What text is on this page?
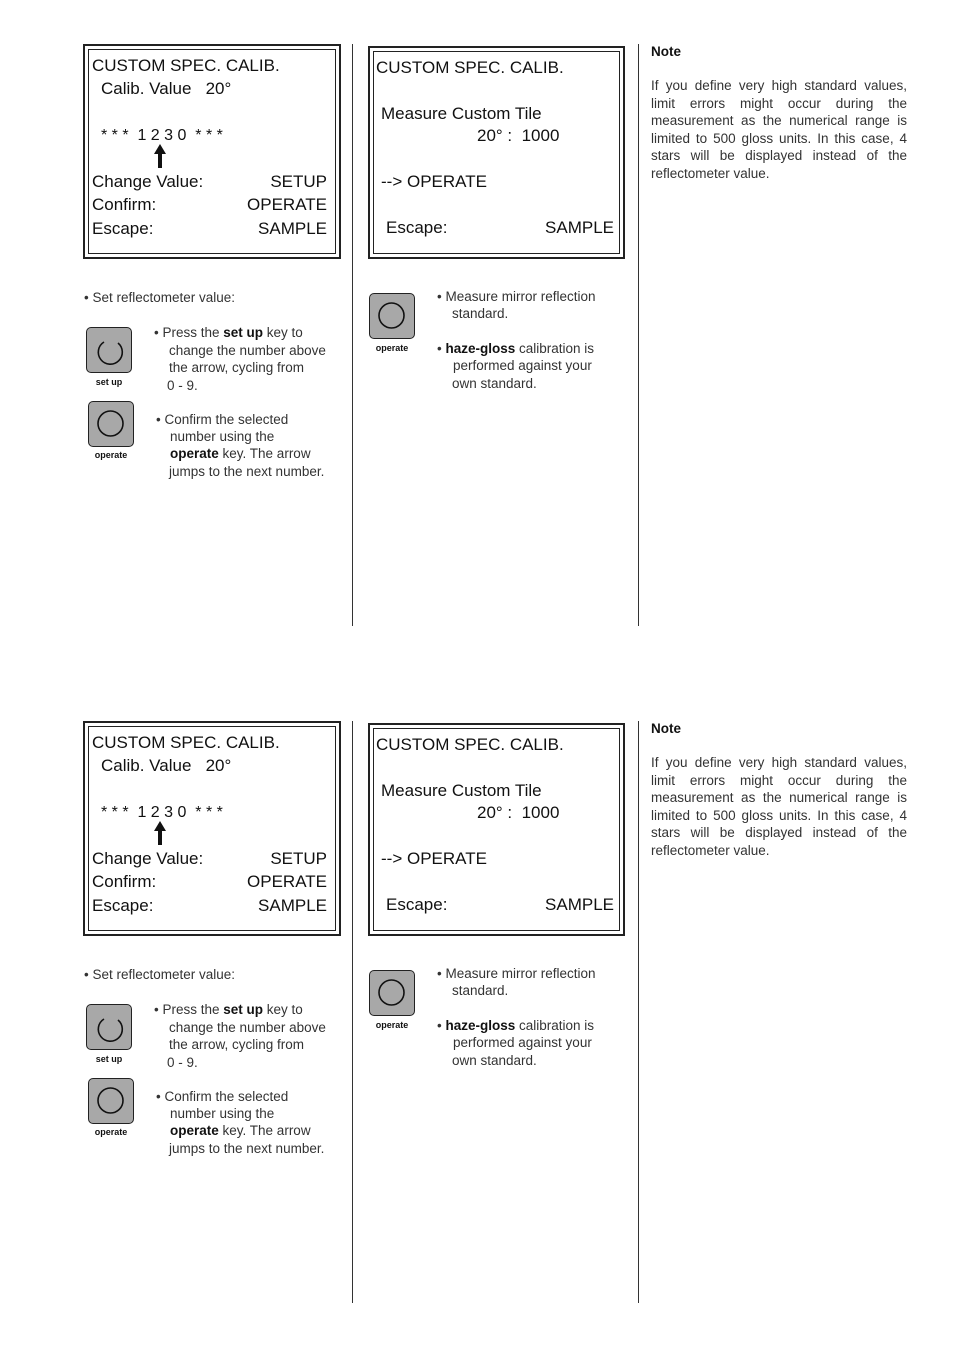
CUSTOM SPEC. CALIB.
Calib. Value   20°
* * *  1 2 3 0  * * *
Change Value:	SETUP
Confirm:	OPERATE
Escape:	SAMPLE
CUSTOM SPEC. CALIB.
Measure Custom Tile
20° :  1000
--> OPERATE
Escape:	SAMPLE
• Set reflectometer value:
set up
• Press the set up key to
change the number above
the arrow, cycling from
0 - 9.
operate
• Confirm the selected
number using the
operate key. The arrow
jumps to the next number.
operate
• Measure mirror reflection
standard.
• haze-gloss calibration is
performed against your
own standard.
Note
If you define very high standard values, limit errors might occur during the measurement as the numerical range is limited to 500 gloss units. In this case, 4 stars will be displayed instead of the reflectometer value.
CUSTOM SPEC. CALIB.
Calib. Value   20°
* * *  1 2 3 0  * * *
Change Value:	SETUP
Confirm:	OPERATE
Escape:	SAMPLE
CUSTOM SPEC. CALIB.
Measure Custom Tile
20° :  1000
--> OPERATE
Escape:	SAMPLE
• Set reflectometer value:
set up
• Press the set up key to
change the number above
the arrow, cycling from
0 - 9.
operate
• Confirm the selected
number using the
operate key. The arrow
jumps to the next number.
operate
• Measure mirror reflection
standard.
• haze-gloss calibration is
performed against your
own standard.
Note
If you define very high standard values, limit errors might occur during the measurement as the numerical range is limited to 500 gloss units. In this case, 4 stars will be displayed instead of the reflectometer value.
